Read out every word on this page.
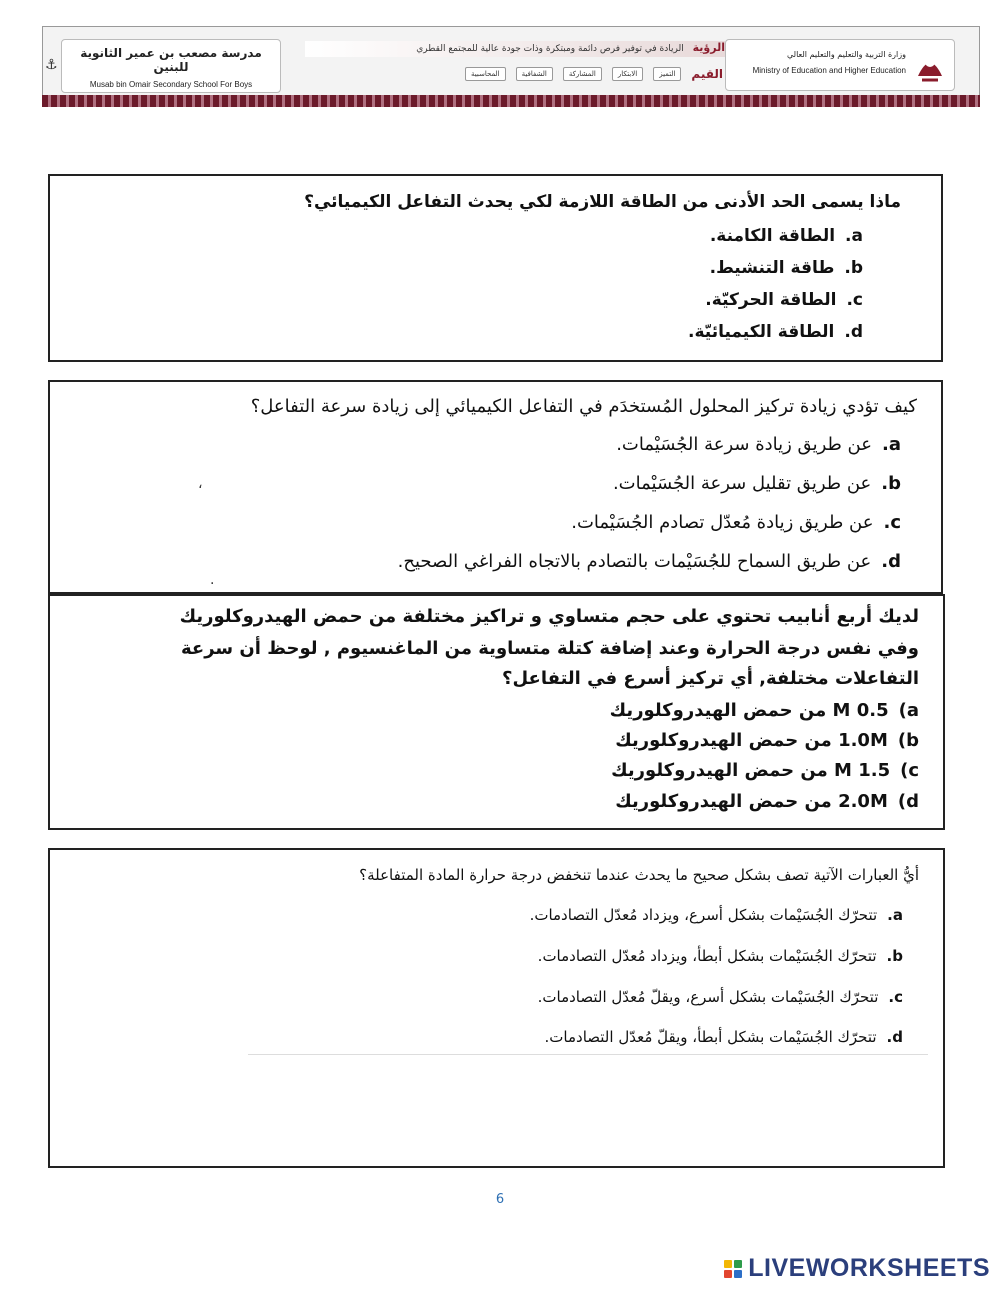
⚓
مدرسة مصعب بن عمير الثانوية للبنين
Musab bin Omair Secondary School For Boys
الرؤية الريادة في توفير فرص دائمة ومبتكرة وذات جودة عالية للمجتمع القطري
القيم
التميز
الابتكار
المشاركة
الشفافية
المحاسبية
وزارة التربية والتعليم والتعليم العالي
Ministry of Education and Higher Education
ماذا يسمى الحد الأدنى من الطاقة اللازمة لكي يحدث التفاعل الكيميائي؟
a.الطاقة الكامنة.
b.طاقة التنشيط.
c.الطاقة الحركيّة.
d.الطاقة الكيميائيّة.
كيف تؤدي زيادة تركيز المحلول المُستخدَم في التفاعل الكيميائي إلى زيادة سرعة التفاعل؟
a.عن طريق زيادة سرعة الجُسَيْمات.
b.عن طريق تقليل سرعة الجُسَيْمات.
c.عن طريق زيادة مُعدّل تصادم الجُسَيْمات.
d.عن طريق السماح للجُسَيْمات بالتصادم بالاتجاه الفراغي الصحيح.
،
.
لديك أربع أنابيب تحتوي على حجم متساوي و تراكيز مختلفة من حمض الهيدروكلوريك
وفي نفس درجة الحرارة وعند إضافة كتلة متساوية من الماغنسيوم , لوحظ أن سرعة
التفاعلات مختلفة, أي تركيز أسرع في التفاعل؟
a)0.5 M من حمض الهيدروكلوريك
b)1.0M من حمض الهيدروكلوريك
c)1.5 M من حمض الهيدروكلوريك
d)2.0M من حمض الهيدروكلوريك
أيُّ العبارات الآتية تصف بشكل صحيح ما يحدث عندما تنخفض درجة حرارة المادة المتفاعلة؟
a.تتحرّك الجُسَيْمات بشكل أسرع، ويزداد مُعدّل التصادمات.
b.تتحرّك الجُسَيْمات بشكل أبطأ، ويزداد مُعدّل التصادمات.
c.تتحرّك الجُسَيْمات بشكل أسرع، ويقلّ مُعدّل التصادمات.
d.تتحرّك الجُسَيْمات بشكل أبطأ، ويقلّ مُعدّل التصادمات.
6
LIVEWORKSHEETS
